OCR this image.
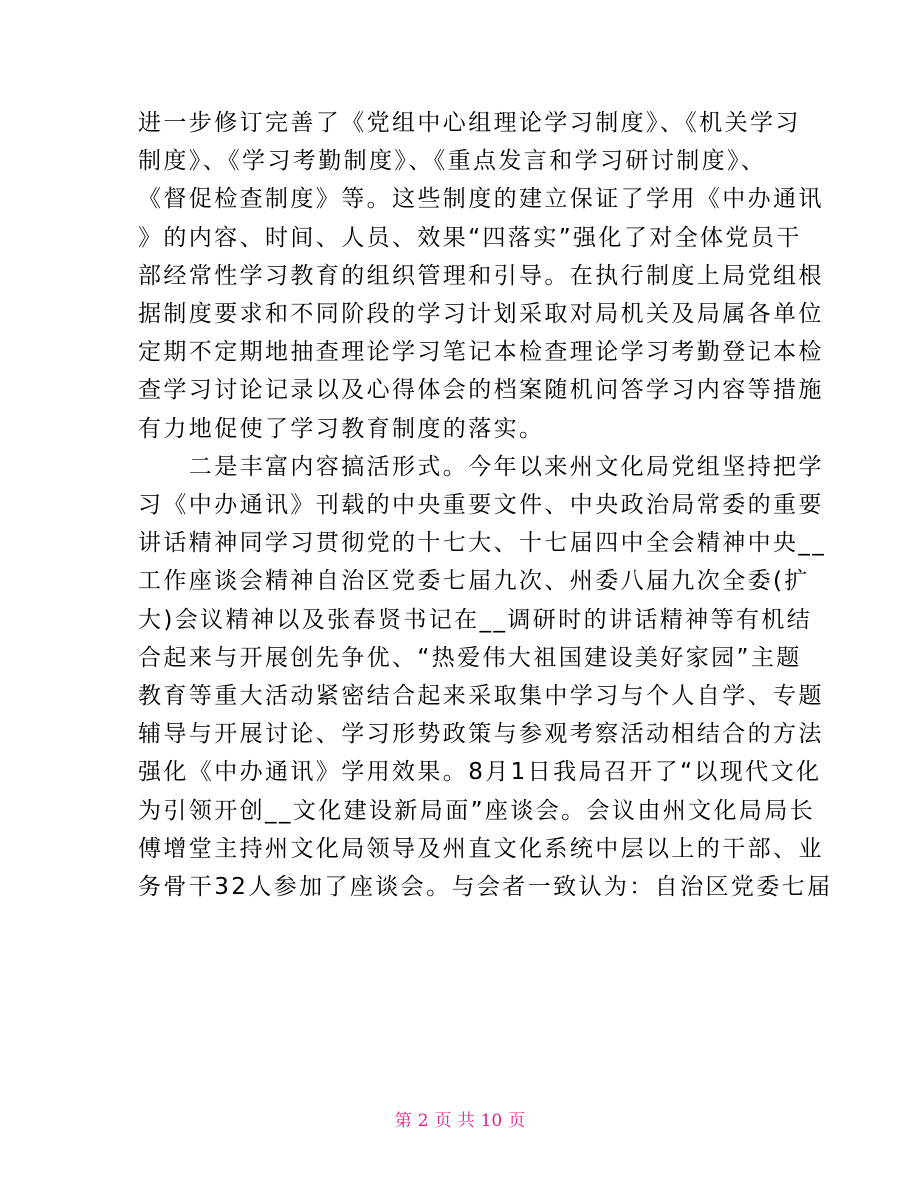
进一步修订完善了《党组中心组理论学习制度》、《机关学习
制度》、《学习考勤制度》、《重点发言和学习研讨制度》、
《督促检查制度》等。这些制度的建立保证了学用《中办通讯
》的内容、时间、人员、效果“四落实”强化了对全体党员干
部经常性学习教育的组织管理和引导。在执行制度上局党组根
据制度要求和不同阶段的学习计划采取对局机关及局属各单位
定期不定期地抽查理论学习笔记本检查理论学习考勤登记本检
查学习讨论记录以及心得体会的档案随机问答学习内容等措施
有力地促使了学习教育制度的落实。
　　二是丰富内容搞活形式。今年以来州文化局党组坚持把学
习《中办通讯》刊载的中央重要文件、中央政治局常委的重要
讲话精神同学习贯彻党的十七大、十七届四中全会精神中央__
工作座谈会精神自治区党委七届九次、州委八届九次全委(扩
大)会议精神以及张春贤书记在__调研时的讲话精神等有机结
合起来与开展创先争优、“热爱伟大祖国建设美好家园”主题
教育等重大活动紧密结合起来采取集中学习与个人自学、专题
辅导与开展讨论、学习形势政策与参观考察活动相结合的方法
强化《中办通讯》学用效果。8月1日我局召开了“以现代文化
为引领开创__文化建设新局面”座谈会。会议由州文化局局长
傅增堂主持州文化局领导及州直文化系统中层以上的干部、业
务骨干32人参加了座谈会。与会者一致认为：自治区党委七届
第 2 页 共 10 页
